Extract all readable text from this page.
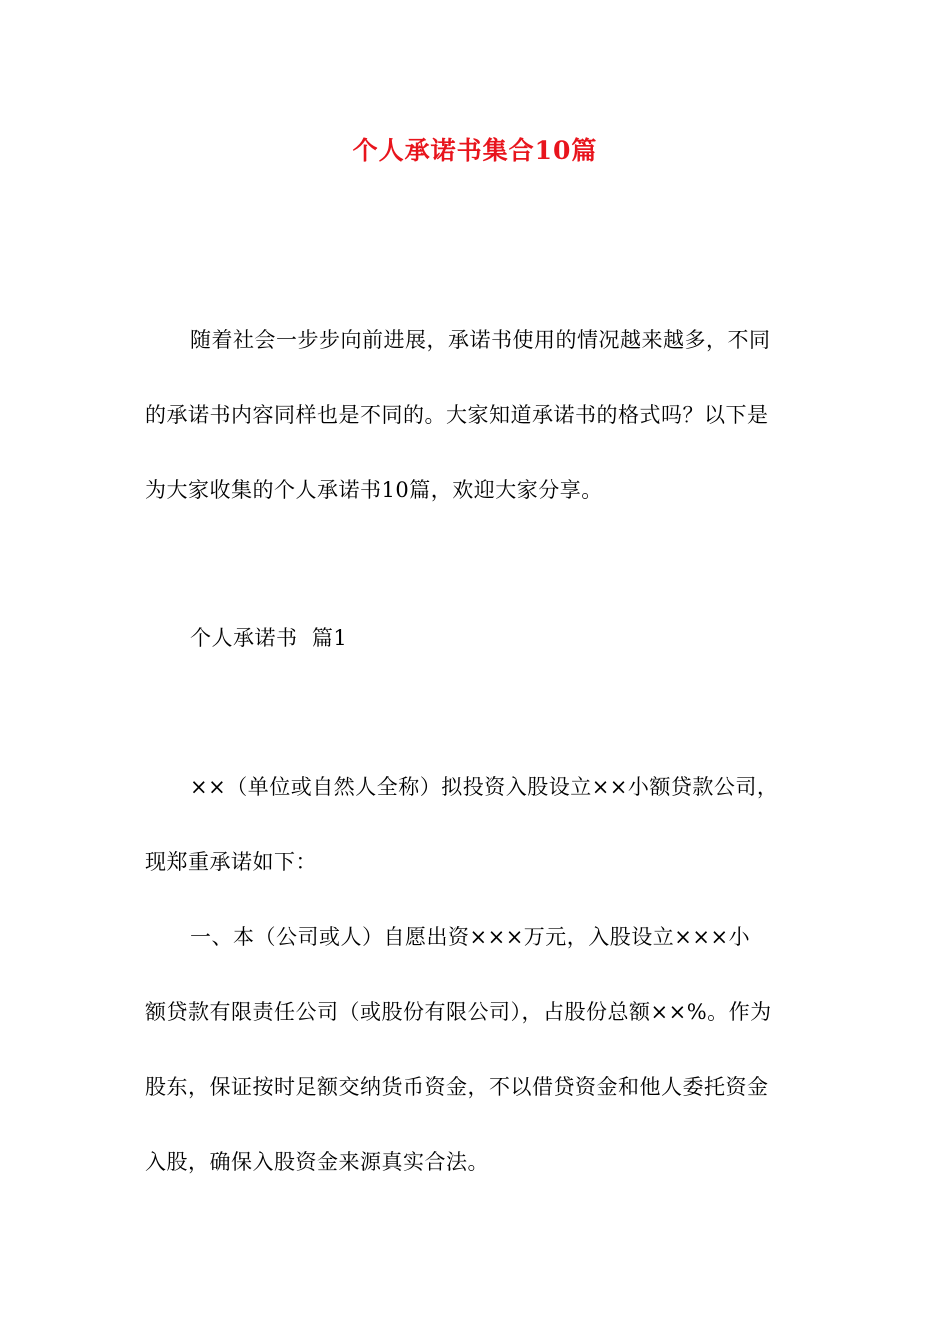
个人承诺书集合10篇
随着社会一步步向前进展，承诺书使用的情况越来越多，不同
的承诺书内容同样也是不同的。大家知道承诺书的格式吗？以下是
为大家收集的个人承诺书10篇，欢迎大家分享。
个人承诺书  篇1
××（单位或自然人全称）拟投资入股设立××小额贷款公司，
现郑重承诺如下：
一、本（公司或人）自愿出资×××万元，入股设立×××小
额贷款有限责任公司（或股份有限公司），占股份总额××%。作为
股东，保证按时足额交纳货币资金，不以借贷资金和他人委托资金
入股，确保入股资金来源真实合法。
